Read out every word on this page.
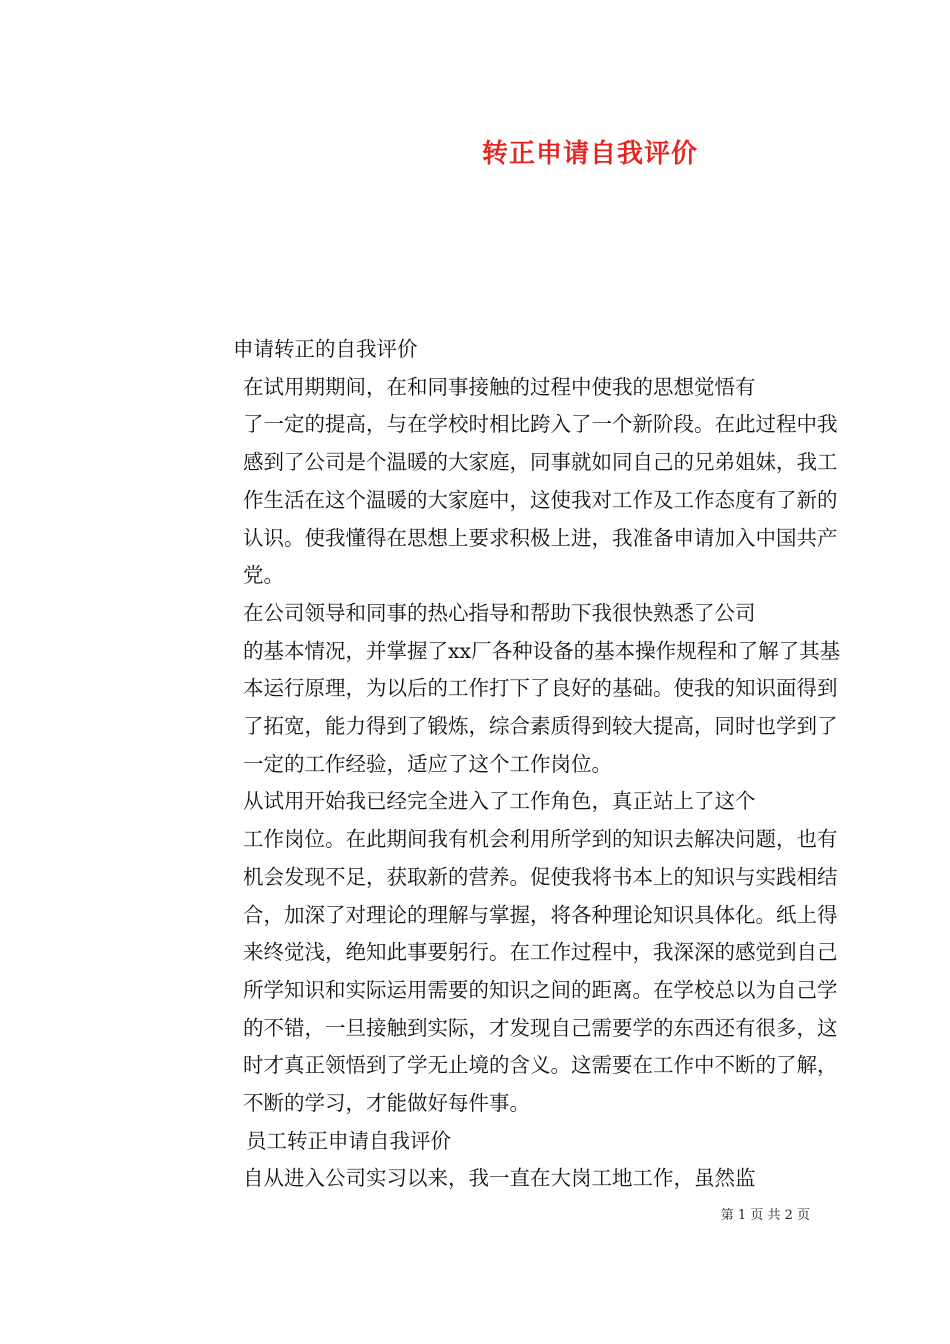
转正申请自我评价

申请转正的自我评价

在试用期期间，在和同事接触的过程中使我的思想觉悟有
了一定的提高，与在学校时相比跨入了一个新阶段。在此过程中我
感到了公司是个温暖的大家庭，同事就如同自己的兄弟姐妹，我工
作生活在这个温暖的大家庭中，这使我对工作及工作态度有了新的
认识。使我懂得在思想上要求积极上进，我准备申请加入中国共产
党。

在公司领导和同事的热心指导和帮助下我很快熟悉了公司
的基本情况，并掌握了xx厂各种设备的基本操作规程和了解了其基
本运行原理，为以后的工作打下了良好的基础。使我的知识面得到
了拓宽，能力得到了锻炼，综合素质得到较大提高，同时也学到了
一定的工作经验，适应了这个工作岗位。

从试用开始我已经完全进入了工作角色，真正站上了这个
工作岗位。在此期间我有机会利用所学到的知识去解决问题，也有
机会发现不足，获取新的营养。促使我将书本上的知识与实践相结
合，加深了对理论的理解与掌握，将各种理论知识具体化。纸上得
来终觉浅，绝知此事要躬行。在工作过程中，我深深的感觉到自己
所学知识和实际运用需要的知识之间的距离。在学校总以为自己学
的不错，一旦接触到实际，才发现自己需要学的东西还有很多，这
时才真正领悟到了学无止境的含义。这需要在工作中不断的了解，
不断的学习，才能做好每件事。

员工转正申请自我评价

自从进入公司实习以来，我一直在大岗工地工作，虽然监

第 1 页 共 2 页
